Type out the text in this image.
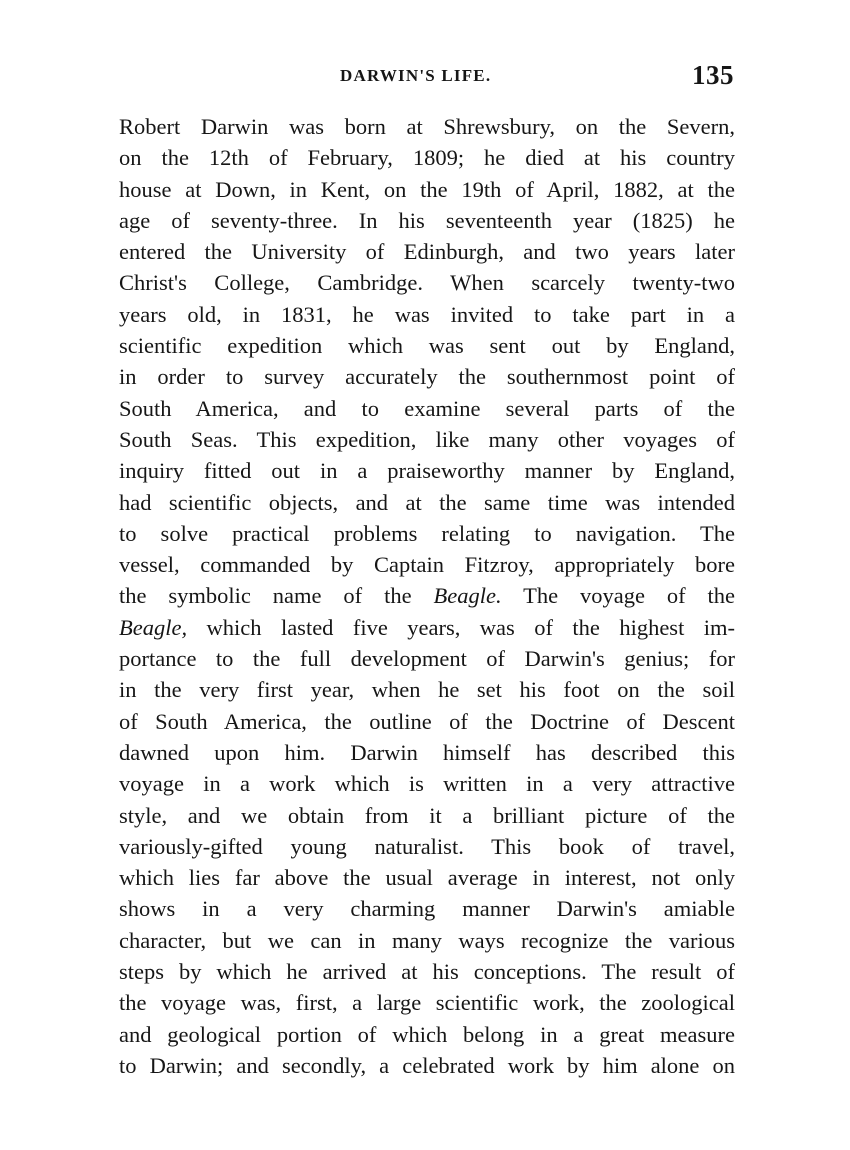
DARWIN'S LIFE.	135
Robert Darwin was born at Shrewsbury, on the Severn,
on the 12th of February, 1809; he died at his country
house at Down, in Kent, on the 19th of April, 1882, at the
age of seventy-three. In his seventeenth year (1825) he
entered the University of Edinburgh, and two years later
Christ's College, Cambridge. When scarcely twenty-two
years old, in 1831, he was invited to take part in a
scientific expedition which was sent out by England,
in order to survey accurately the southernmost point of
South America, and to examine several parts of the
South Seas. This expedition, like many other voyages of
inquiry fitted out in a praiseworthy manner by England,
had scientific objects, and at the same time was intended
to solve practical problems relating to navigation. The
vessel, commanded by Captain Fitzroy, appropriately bore
the symbolic name of the Beagle. The voyage of the
Beagle, which lasted five years, was of the highest im-
portance to the full development of Darwin's genius; for
in the very first year, when he set his foot on the soil
of South America, the outline of the Doctrine of Descent
dawned upon him. Darwin himself has described this
voyage in a work which is written in a very attractive
style, and we obtain from it a brilliant picture of the
variously-gifted young naturalist. This book of travel,
which lies far above the usual average in interest, not only
shows in a very charming manner Darwin's amiable
character, but we can in many ways recognize the various
steps by which he arrived at his conceptions. The result of
the voyage was, first, a large scientific work, the zoological
and geological portion of which belong in a great measure
to Darwin; and secondly, a celebrated work by him alone on
